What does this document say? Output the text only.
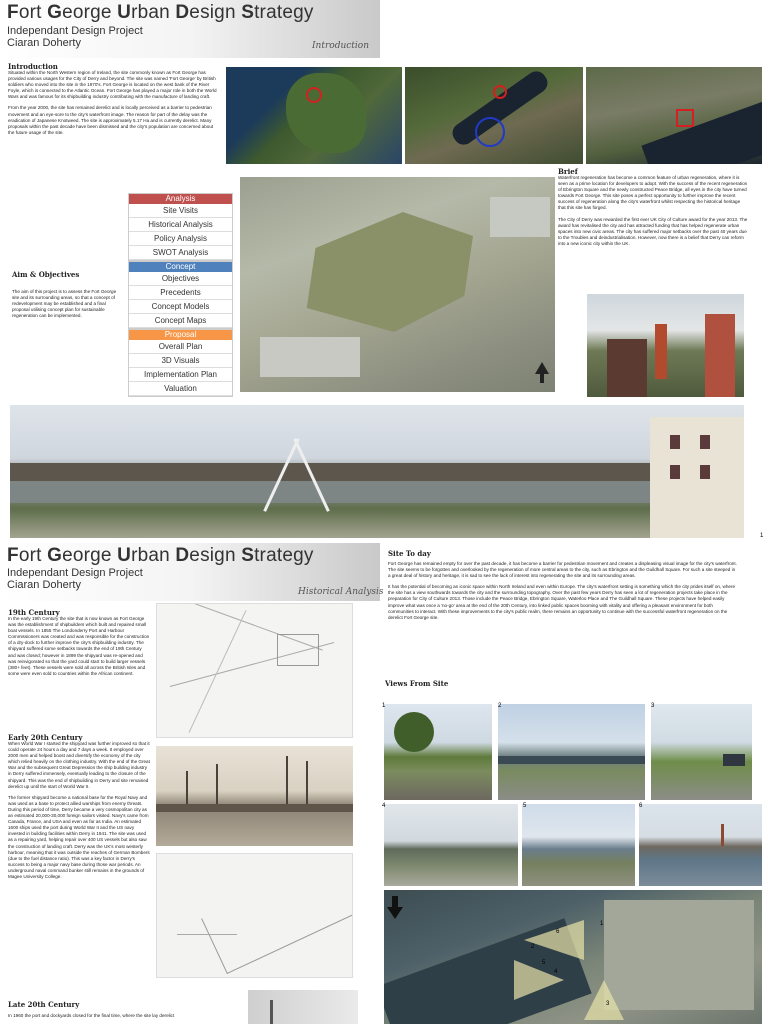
Fort George Urban Design Strategy
Independant Design Project
Ciaran Doherty	Introduction
Introduction

Situated within the North Western region of Ireland, the site commonly known as Fort George has provided various usages for the City of Derry and beyond. The site was named 'Fort George' by British soldiers who moved into the site in the 1970's. Fort George is located on the west bank of the River Foyle, which is connected to the Atlantic Ocean. Fort George has played a major role in both the World Wars and was famous for its shipbuilding industry contributing with the manufacture of landing craft.

From the year 2000, the site has remained derelict and is locally perceived as a barrier to pedestrian movement and an eye-sore to the city's waterfront image. The reason for part of the delay was the eradication of Japanese Knotweed. The site is approximately 5.17 Ha and is currently derelict. Many proposals within the past decade have been dismissed and the city's population are concerned about the future usage of the site.

Analysis
Site Visits
Historical Analysis
Policy Analysis
SWOT Analysis
Concept
Objectives
Precedents
Concept Models
Concept Maps
Proposal
Overall Plan
3D Visuals
Implementation Plan
Valuation
Aim & Objectives
The aim of this project is to assess the Fort George site and its surrounding areas, so that a concept of redevelopment may be established and a final proposal utilising concept plan for sustainable regeneration can be implemented.
Brief

Waterfront regeneration has become a common feature of urban regeneration, where it is seen as a prime location for developers to adopt. With the success of the recent regeneration of Ebrington Square and the newly constructed Peace Bridge, all eyes in the city have turned towards Fort George. This site poses a perfect opportunity to further improve the recent success of regeneration along the city's waterfront whilst respecting the historical heritage that this site has forged.

The City of Derry was rewarded the first ever UK City of Culture award for the year 2013. The award has revitalised the city and has attracted funding that has helped regenerate urban spaces into new civic areas. The city has suffered major setbacks over the past 40 years due to the Troubles and deindustrialisation. However, now there is a belief that Derry can reform into a new iconic city within the UK.

1
Fort George Urban Design Strategy
Independant Design Project
Ciaran Doherty
Historical Analysis
19th Century
In the early 19th Century the site that is now known as Fort George was the establishment of shipbuilders which built and repaired small boat vessels. In 1855 The Londonderry Port and Harbour Commissioners was created and was responsible for the construction of a dry-dock to further improve the city's shipbuilding industry. The shipyard suffered some setbacks towards the end of 19th Century and was closed; however in 1899 the shipyard was re-opened and was reinvigorated so that the yard could start to build larger vessels (380+ feet). These vessels were sold all across the British Isles and some were even sold to countries within the African continent.
Early 20th Century

When World War I started the shipyard was further improved so that it could operate 24 hours a day and 7 days a week. It employed over 2000 men and helped boost and diversify the economy of the city which relied heavily on the clothing industry. With the end of the Great War and the subsequent Great Depression the ship building industry in Derry suffered immensely, eventually leading to the closure of the shipyard. This was the end of shipbuilding in Derry and site remained derelict up until the start of World War II.

The former shipyard become a national base for the Royal Navy and was used as a base to protect allied warships from enemy threats. During this period of time, Derry became a very cosmopolitan city as an estimated 20,000-30,000 foreign sailors visited. Navy's came from Canada, France, and USA and even as far as India. An estimated 1600 ships used the port during World War II and the US navy invested in building facilities within Derry in 1941. The site was used as a repairing yard, helping repair over 400 US vessels but also saw the construction of landing craft. Derry was the UK's most westerly harbour, meaning that it was outside the reaches of German Bombers (due to the fuel distance ratio). This was a key factor in Derry's success to being a major navy base during those war periods. An underground naval command bunker still remains in the grounds of Magee University College.

Late 20th Century
In 1960 the port and dockyards closed for the final time, where the site lay derelict
Site To day

Fort George has remained empty for over the past decade, it has become a barrier for pedestrian movement and creates a displeasing visual image for the city's waterfront. The site seems to be forgotten and overlooked by the regeneration of more central areas to the city, such as Ebrington and the Guildhall Square. For such a site steeped in a great deal of history and heritage, it is sad to see the lack of interest into regenerating the site and its surrounding areas.

It has the potential of becoming an iconic space within North Ireland and even within Europe. The city's waterfront setting is something which the city prides itself on, where the site has a view southwards towards the city and the surrounding topography. Over the past few years Derry has seen a lot of regeneration projects take place in the preparation for City of Culture 2013. Those include the Peace Bridge, Ebrington Square, Waterloo Place and The Guildhall Square. These projects have helped easily improve what was once a 'no-go' area at the end of the 20th Century, into linked public spaces booming with vitality and offering a pleasant environment for both communities to interact. With these improvements to the city's public realm, there remains an opportunity to continue with the successful waterfront regeneration on the derelict Fort George site.

Views From Site
1	2	3
4	5	6
1
2
3
4
5
6
